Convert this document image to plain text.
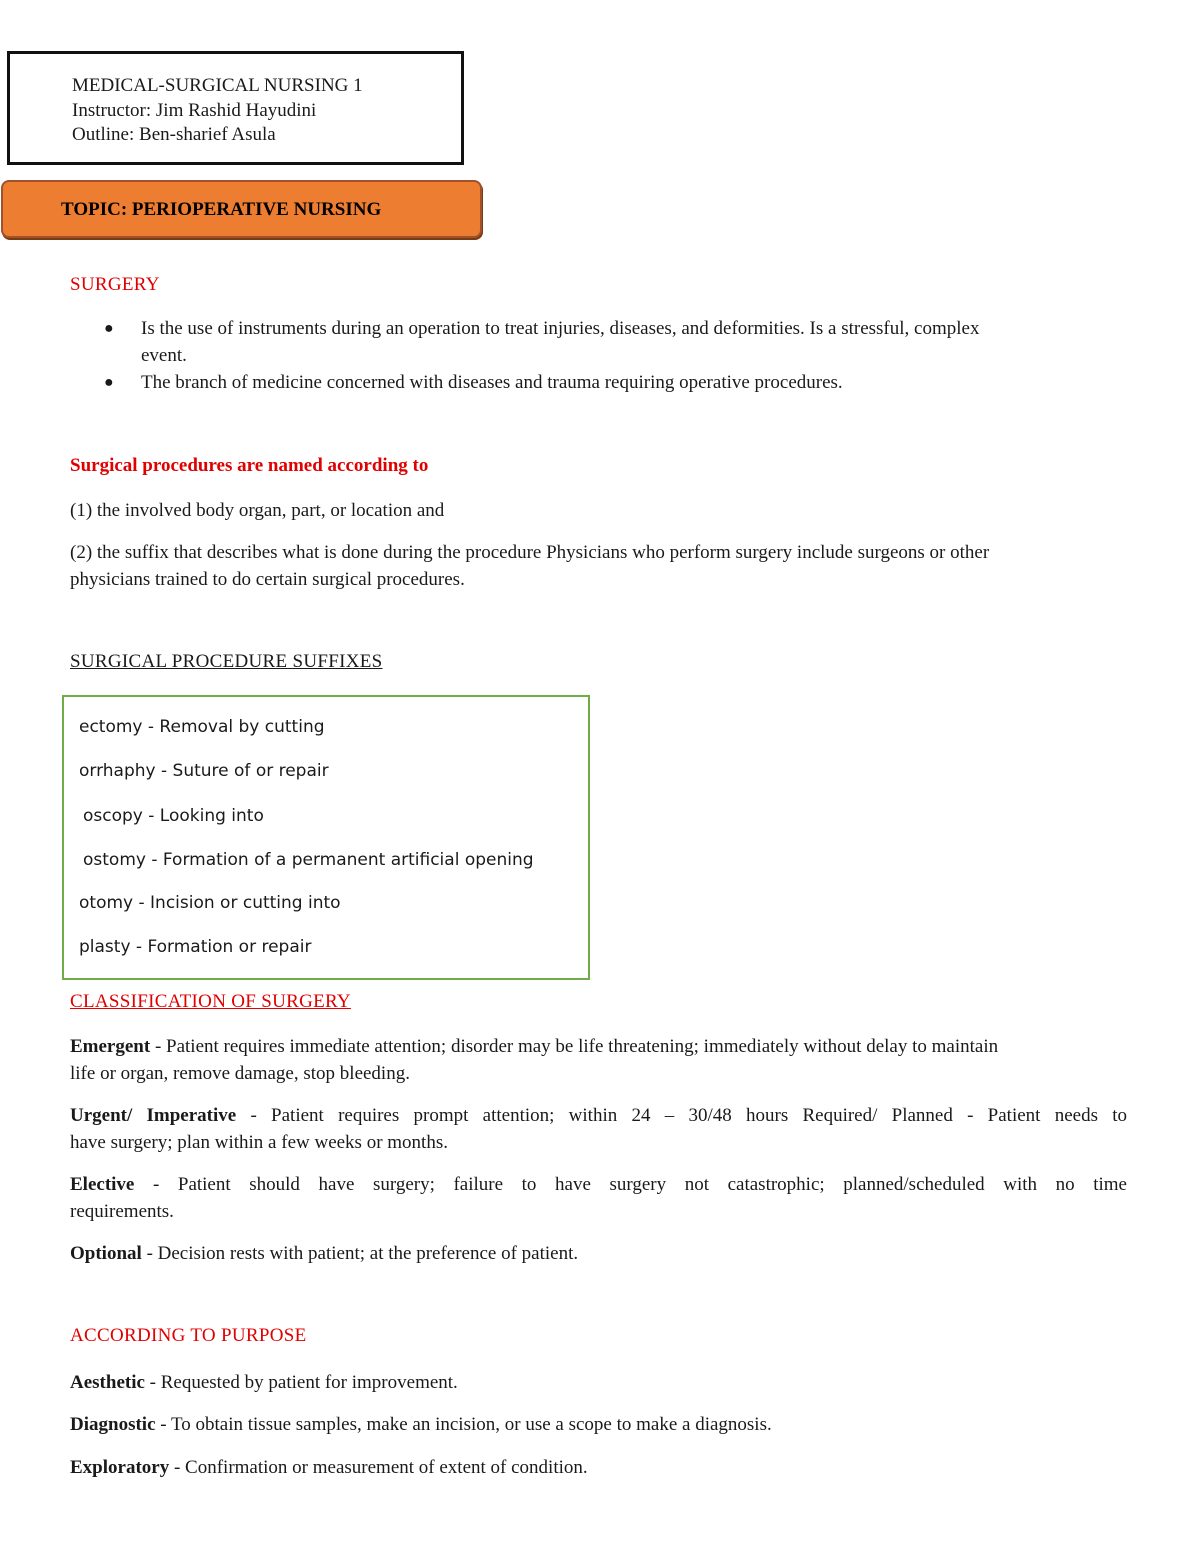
MEDICAL-SURGICAL NURSING 1
Instructor: Jim Rashid Hayudini
Outline: Ben-sharief Asula
TOPIC: PERIOPERATIVE NURSING
SURGERY
● Is the use of instruments during an operation to treat injuries, diseases, and deformities. Is a stressful, complex
event.
● The branch of medicine concerned with diseases and trauma requiring operative procedures.
Surgical procedures are named according to
(1) the involved body organ, part, or location and
(2) the suffix that describes what is done during the procedure Physicians who perform surgery include surgeons or other
physicians trained to do certain surgical procedures.
SURGICAL PROCEDURE SUFFIXES
ectomy - Removal by cutting
orrhaphy - Suture of or repair
oscopy - Looking into
ostomy - Formation of a permanent artificial opening
otomy - Incision or cutting into
plasty - Formation or repair
CLASSIFICATION OF SURGERY
Emergent - Patient requires immediate attention; disorder may be life threatening; immediately without delay to maintain
life or organ, remove damage, stop bleeding.
Urgent/ Imperative - Patient requires prompt attention; within 24 – 30/48 hours Required/ Planned - Patient needs to
have surgery; plan within a few weeks or months.
Elective - Patient should have surgery; failure to have surgery not catastrophic; planned/scheduled with no time
requirements.
Optional - Decision rests with patient; at the preference of patient.
ACCORDING TO PURPOSE
Aesthetic - Requested by patient for improvement.
Diagnostic - To obtain tissue samples, make an incision, or use a scope to make a diagnosis.
Exploratory - Confirmation or measurement of extent of condition.
